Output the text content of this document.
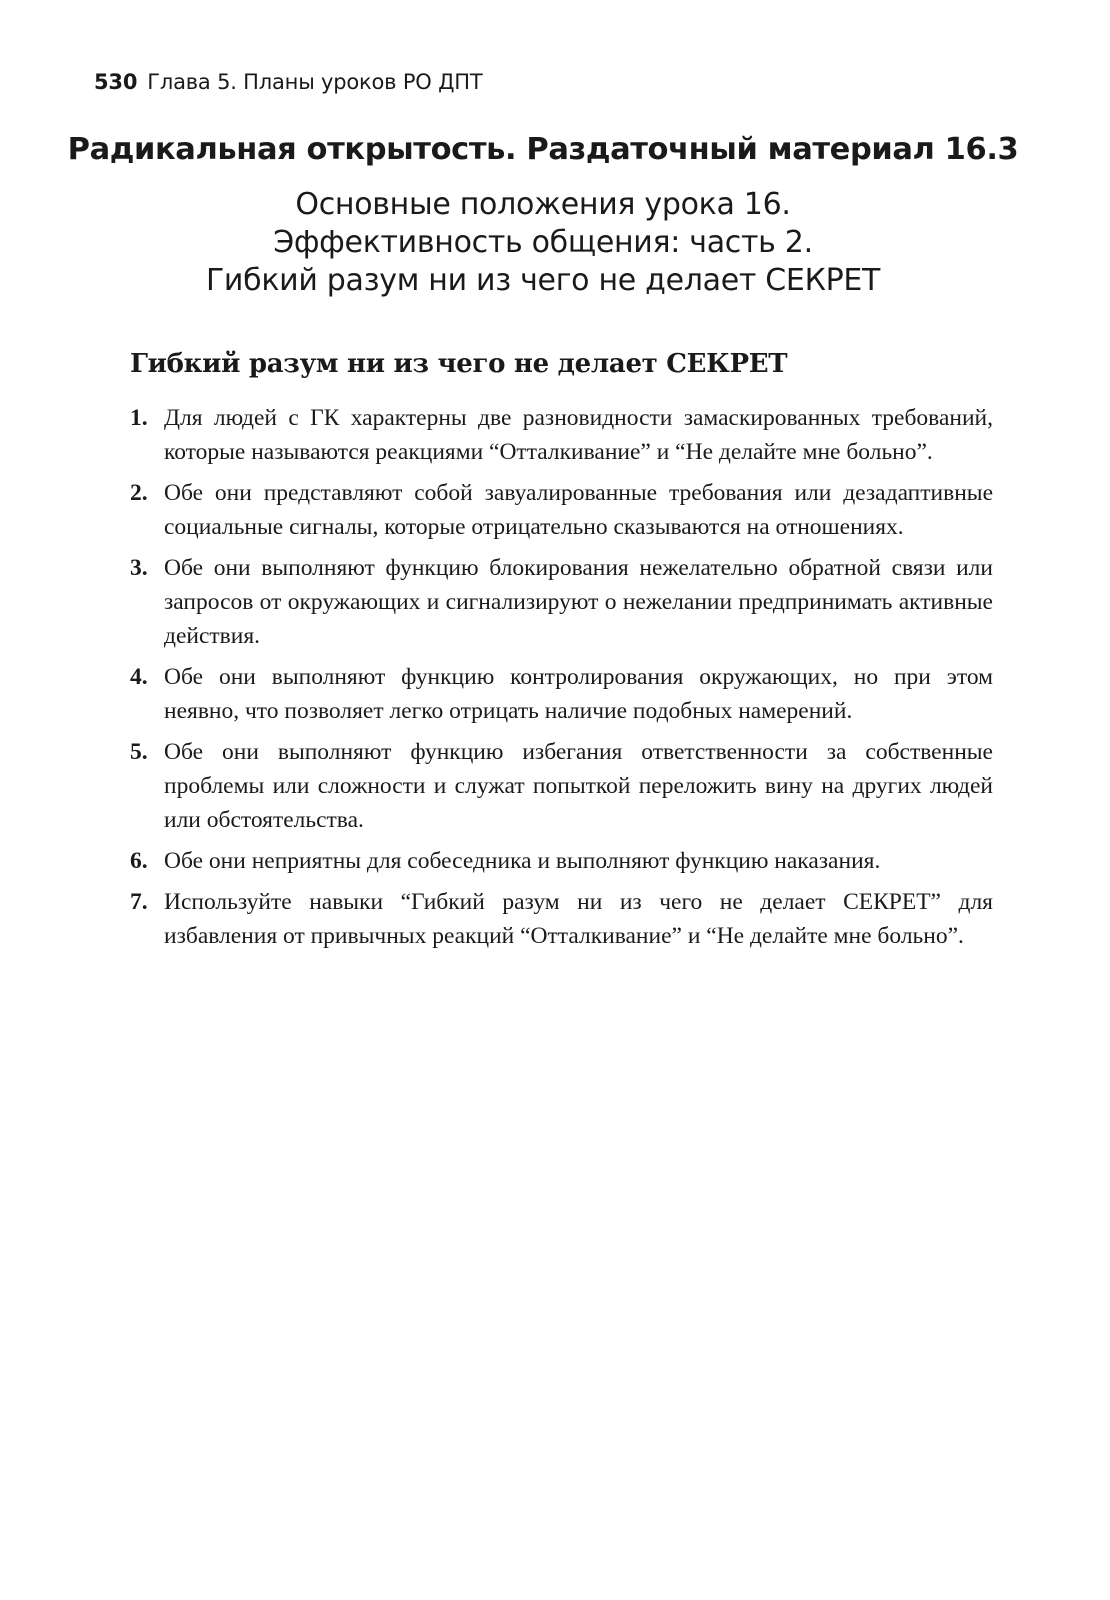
530 Глава 5. Планы уроков РО ДПТ
Радикальная открытость. Раздаточный материал 16.3
Основные положения урока 16.
Эффективность общения: часть 2.
Гибкий разум ни из чего не делает СЕКРЕТ
Гибкий разум ни из чего не делает СЕКРЕТ
1. Для людей с ГК характерны две разновидности замаскированных требований, которые называются реакциями “Отталкивание” и “Не делайте мне больно”.
2. Обе они представляют собой завуалированные требования или дезадаптивные социальные сигналы, которые отрицательно сказываются на отношениях.
3. Обе они выполняют функцию блокирования нежелательно обратной связи или запросов от окружающих и сигнализируют о нежелании предпринимать активные действия.
4. Обе они выполняют функцию контролирования окружающих, но при этом неявно, что позволяет легко отрицать наличие подобных намерений.
5. Обе они выполняют функцию избегания ответственности за собственные проблемы или сложности и служат попыткой переложить вину на других людей или обстоятельства.
6. Обе они неприятны для собеседника и выполняют функцию наказания.
7. Используйте навыки “Гибкий разум ни из чего не делает СЕКРЕТ” для избавления от привычных реакций “Отталкивание” и “Не делайте мне больно”.
